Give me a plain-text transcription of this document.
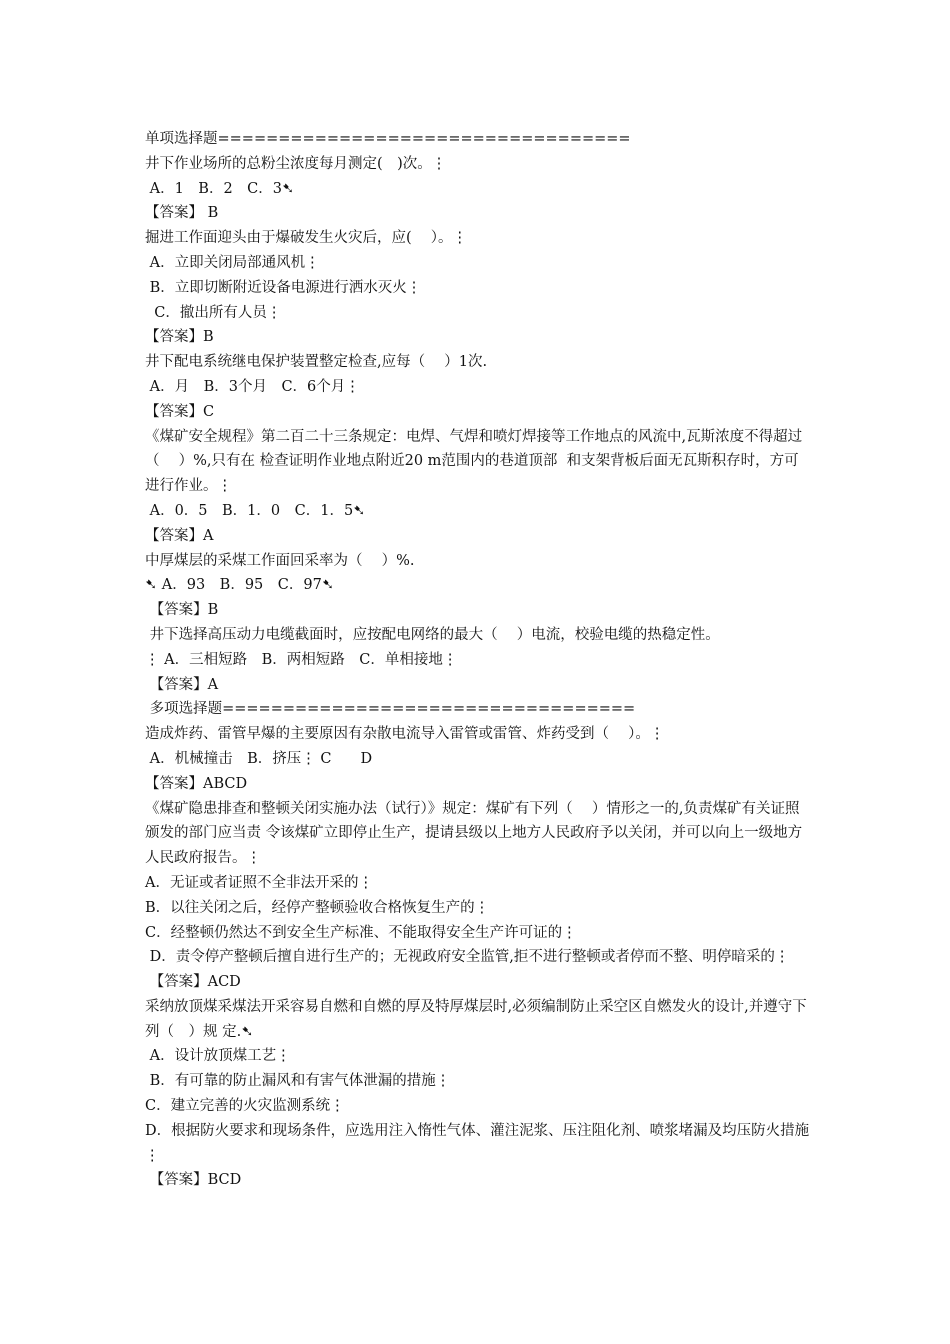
单项选择题==================================

井下作业场所的总粉尘浓度每月测定(　)次。⋮

A．1　B．2　C．3➷

【答案】 B

掘进工作面迎头由于爆破发生火灾后，应(　 ）。⋮

A．立即关闭局部通风机⋮

B．立即切断附近设备电源进行洒水灭火⋮

C．撤出所有人员⋮

【答案】B

井下配电系统继电保护装置整定检查,应每（　 ）1次.

A．月　B．3个月　C．6个月⋮

【答案】C

《煤矿安全规程》第二百二十三条规定：电焊、气焊和喷灯焊接等工作地点的风流中,瓦斯浓度不得超过（　 ）%,只有在 检查证明作业地点附近20 m范围内的巷道顶部  和支架背板后面无瓦斯积存时，方可进行作业。⋮

A．0．5　B．1．0　C．1．5➷

【答案】A

中厚煤层的采煤工作面回采率为（　 ）%.

➷ A．93　B．95　C．97➷

【答案】B

井下选择高压动力电缆截面时，应按配电网络的最大（　 ）电流，校验电缆的热稳定性。

⋮ A．三相短路　B．两相短路　C．单相接地⋮

【答案】A

多项选择题==================================

造成炸药、雷管早爆的主要原因有杂散电流导入雷管或雷管、炸药受到（　 ）。⋮

A．机械撞击　B．挤压⋮ C　　D

【答案】ABCD

《煤矿隐患排查和整顿关闭实施办法（试行）》规定：煤矿有下列（　 ）情形之一的,负责煤矿有关证照颁发的部门应当责 令该煤矿立即停止生产，提请县级以上地方人民政府予以关闭，并可以向上一级地方人民政府报告。⋮

A．无证或者证照不全非法开采的⋮

B．以往关闭之后，经停产整顿验收合格恢复生产的⋮

C．经整顿仍然达不到安全生产标准、不能取得安全生产许可证的⋮

D．责令停产整顿后擅自进行生产的；无视政府安全监管,拒不进行整顿或者停而不整、明停暗采的⋮

【答案】ACD

采纳放顶煤采煤法开采容易自燃和自燃的厚及特厚煤层时,必须编制防止采空区自燃发火的设计,并遵守下列（　）规 定.➷

A．设计放顶煤工艺⋮

B．有可靠的防止漏风和有害气体泄漏的措施⋮

C．建立完善的火灾监测系统⋮

D．根据防火要求和现场条件，应选用注入惰性气体、灌注泥浆、压注阻化剂、喷浆堵漏及均压防火措施⋮

【答案】BCD
